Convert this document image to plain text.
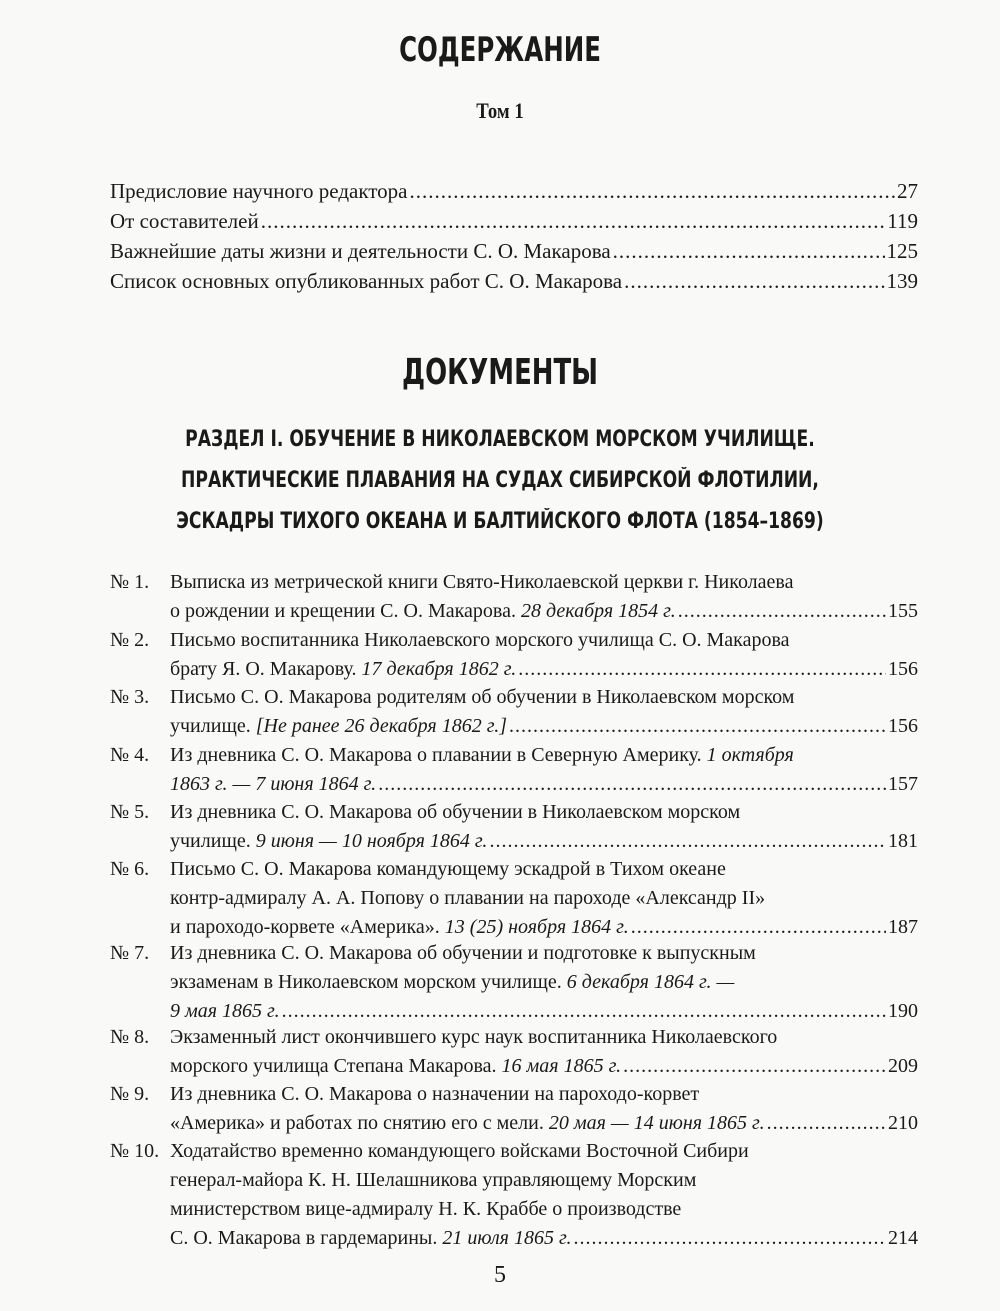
СОДЕРЖАНИЕ
Том 1
Предисловие научного редактора .....	27
От составителей .....	119
Важнейшие даты жизни и деятельности С. О. Макарова .....	125
Список основных опубликованных работ С. О. Макарова .....	139
ДОКУМЕНТЫ
РАЗДЕЛ I. ОБУЧЕНИЕ В НИКОЛАЕВСКОМ МОРСКОМ УЧИЛИЩЕ.
ПРАКТИЧЕСКИЕ ПЛАВАНИЯ НА СУДАХ СИБИРСКОЙ ФЛОТИЛИИ,
ЭСКАДРЫ ТИХОГО ОКЕАНА И БАЛТИЙСКОГО ФЛОТА (1854–1869)
№ 1.	Выписка из метрической книги Свято-Николаевской церкви г. Николаева
о рождении и крещении С. О. Макарова. 28 декабря 1854 г. .....	155
№ 2.	Письмо воспитанника Николаевского морского училища С. О. Макарова
брату Я. О. Макарову. 17 декабря 1862 г. .....	156
№ 3.	Письмо С. О. Макарова родителям об обучении в Николаевском морском
училище. [Не ранее 26 декабря 1862 г.] .....	156
№ 4.	Из дневника С. О. Макарова о плавании в Северную Америку. 1 октября
1863 г. — 7 июня 1864 г. .....	157
№ 5.	Из дневника С. О. Макарова об обучении в Николаевском морском
училище. 9 июня — 10 ноября 1864 г. .....	181
№ 6.	Письмо С. О. Макарова командующему эскадрой в Тихом океане
контр-адмиралу А. А. Попову о плавании на пароходе «Александр II»
и пароходо-корвете «Америка». 13 (25) ноября 1864 г. .....	187
№ 7.	Из дневника С. О. Макарова об обучении и подготовке к выпускным
экзаменам в Николаевском морском училище. 6 декабря 1864 г. —
9 мая 1865 г. .....	190
№ 8.	Экзаменный лист окончившего курс наук воспитанника Николаевского
морского училища Степана Макарова. 16 мая 1865 г. .....	209
№ 9.	Из дневника С. О. Макарова о назначении на пароходо-корвет
«Америка» и работах по снятию его с мели. 20 мая — 14 июня 1865 г. .....	210
№ 10. Ходатайство временно командующего войсками Восточной Сибири
генерал-майора К. Н. Шелашникова управляющему Морским
министерством вице-адмиралу Н. К. Краббе о производстве
С. О. Макарова в гардемарины. 21 июля 1865 г. .....	214
5
